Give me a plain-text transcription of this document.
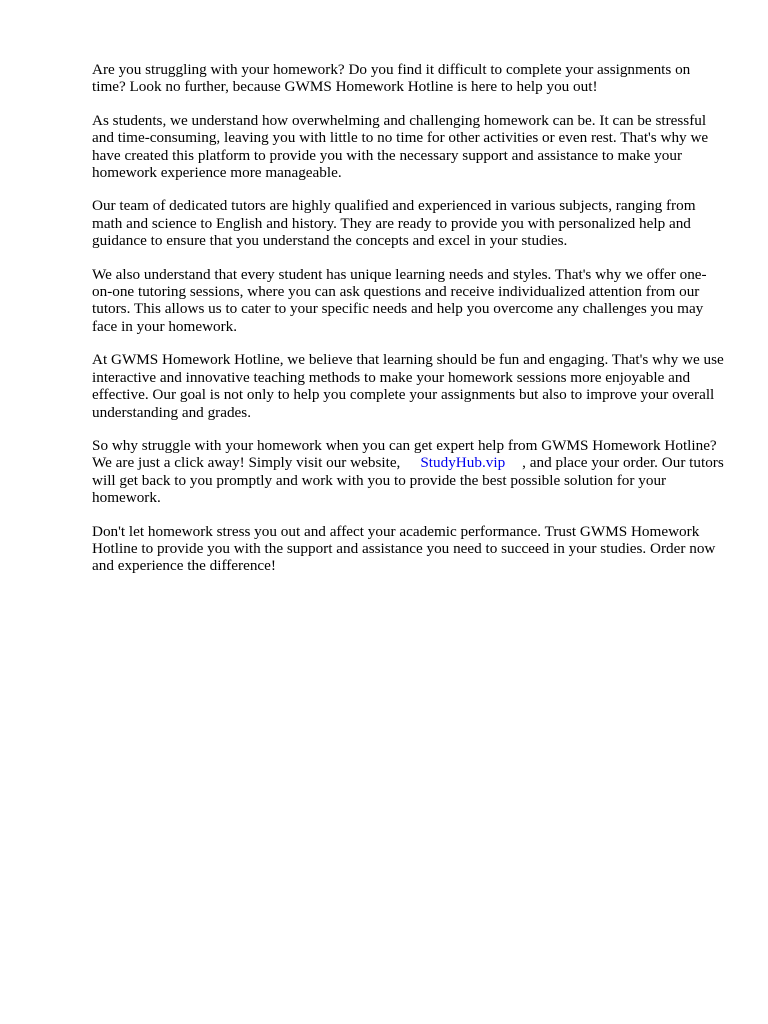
Are you struggling with your homework? Do you find it difficult to complete your assignments on time? Look no further, because GWMS Homework Hotline is here to help you out!

As students, we understand how overwhelming and challenging homework can be. It can be stressful and time-consuming, leaving you with little to no time for other activities or even rest. That's why we have created this platform to provide you with the necessary support and assistance to make your homework experience more manageable.

Our team of dedicated tutors are highly qualified and experienced in various subjects, ranging from math and science to English and history. They are ready to provide you with personalized help and guidance to ensure that you understand the concepts and excel in your studies.

We also understand that every student has unique learning needs and styles. That's why we offer one-on-one tutoring sessions, where you can ask questions and receive individualized attention from our tutors. This allows us to cater to your specific needs and help you overcome any challenges you may face in your homework.

At GWMS Homework Hotline, we believe that learning should be fun and engaging. That's why we use interactive and innovative teaching methods to make your homework sessions more enjoyable and effective. Our goal is not only to help you complete your assignments but also to improve your overall understanding and grades.

So why struggle with your homework when you can get expert help from GWMS Homework Hotline? We are just a click away! Simply visit our website, StudyHub.vip , and place your order. Our tutors will get back to you promptly and work with you to provide the best possible solution for your homework.

Don't let homework stress you out and affect your academic performance. Trust GWMS Homework Hotline to provide you with the support and assistance you need to succeed in your studies. Order now and experience the difference!
